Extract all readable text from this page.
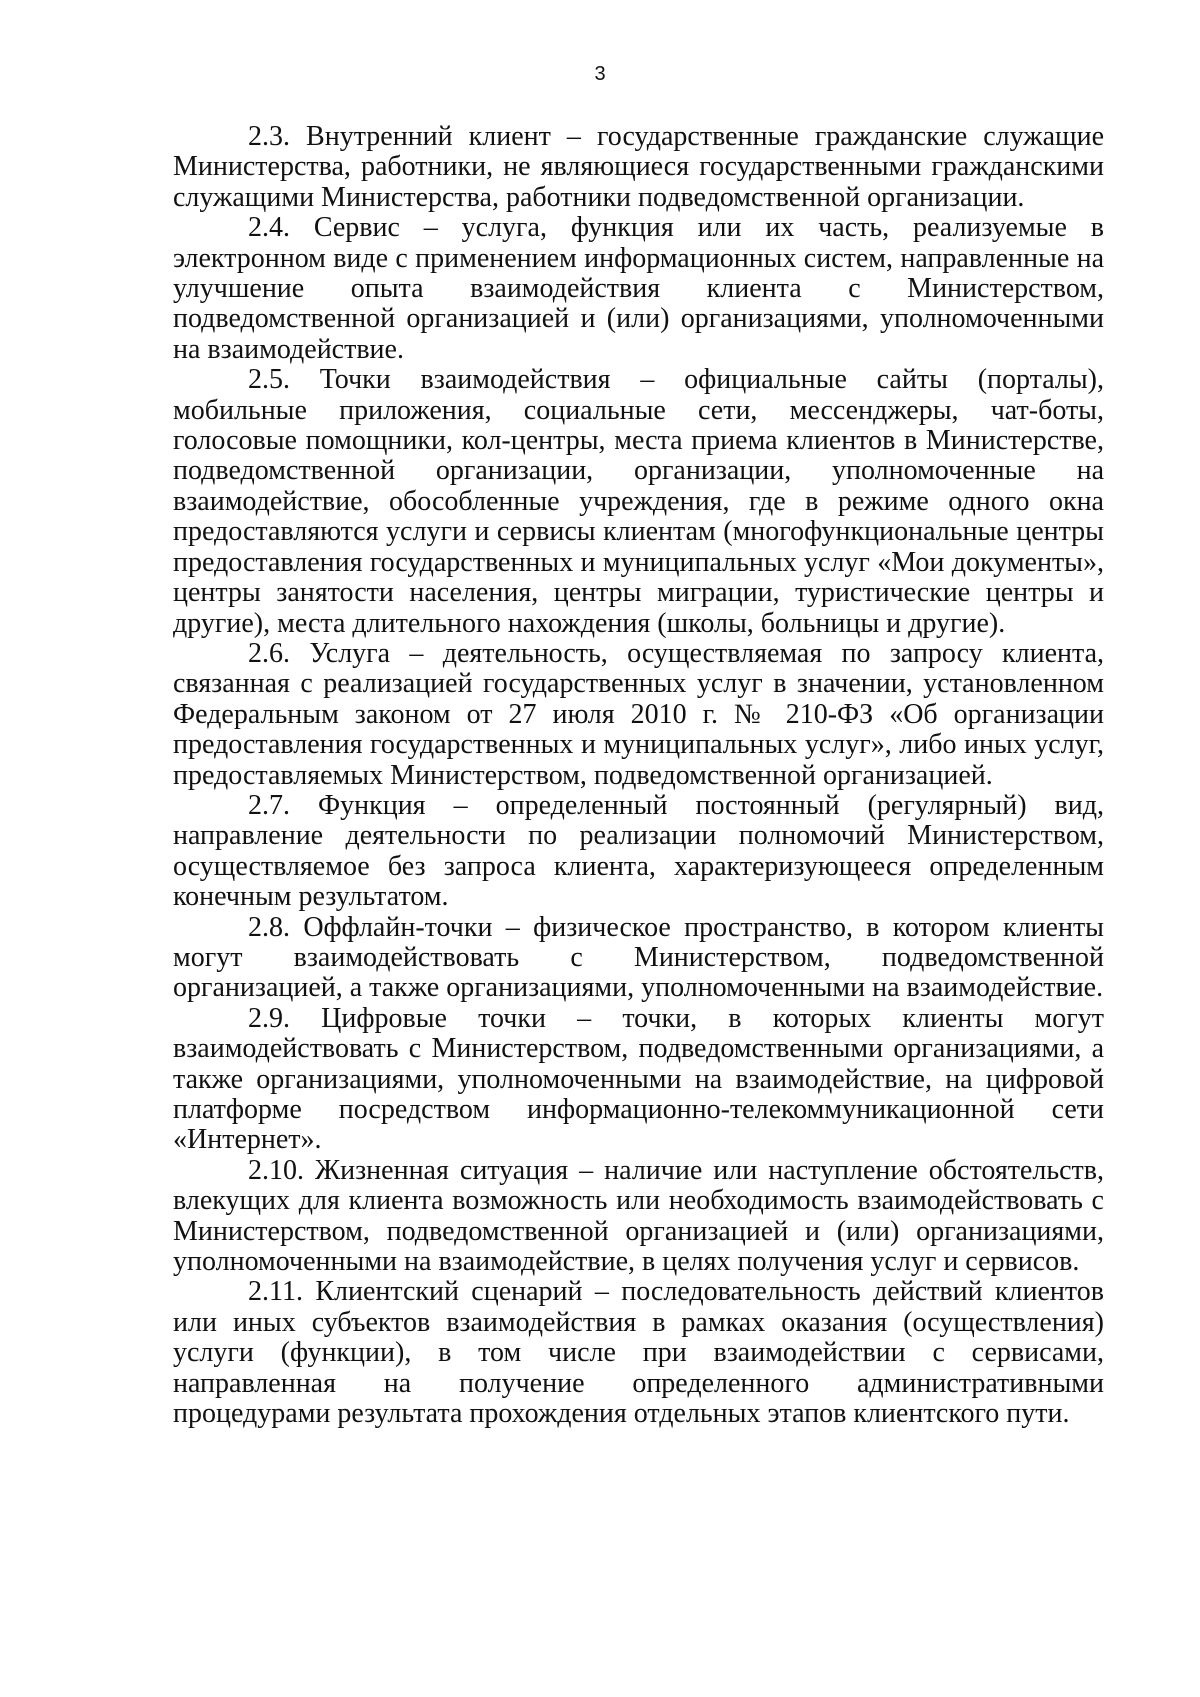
3

2.3. Внутренний клиент – государственные гражданские служащие Министерства, работники, не являющиеся государственными гражданскими служащими Министерства, работники подведомственной организации.

2.4. Сервис – услуга, функция или их часть, реализуемые в электронном виде с применением информационных систем, направленные на улучшение опыта взаимодействия клиента с Министерством, подведомственной организацией и (или) организациями, уполномоченными на взаимодействие.

2.5. Точки взаимодействия – официальные сайты (порталы), мобильные приложения, социальные сети, мессенджеры, чат-боты, голосовые помощники, кол-центры, места приема клиентов в Министерстве, подведомственной организации, организации, уполномоченные на взаимодействие, обособленные учреждения, где в режиме одного окна предоставляются услуги и сервисы клиентам (многофункциональные центры предоставления государственных и муниципальных услуг «Мои документы», центры занятости населения, центры миграции, туристические центры и другие), места длительного нахождения (школы, больницы и другие).

2.6. Услуга – деятельность, осуществляемая по запросу клиента, связанная с реализацией государственных услуг в значении, установленном Федеральным законом от 27 июля 2010 г. № 210-ФЗ «Об организации предоставления государственных и муниципальных услуг», либо иных услуг, предоставляемых Министерством, подведомственной организацией.

2.7. Функция – определенный постоянный (регулярный) вид, направление деятельности по реализации полномочий Министерством, осуществляемое без запроса клиента, характеризующееся определенным конечным результатом.

2.8. Оффлайн-точки – физическое пространство, в котором клиенты могут взаимодействовать с Министерством, подведомственной организацией, а также организациями, уполномоченными на взаимодействие.

2.9. Цифровые точки – точки, в которых клиенты могут взаимодействовать с Министерством, подведомственными организациями, а также организациями, уполномоченными на взаимодействие, на цифровой платформе посредством информационно-телекоммуникационной сети «Интернет».

2.10. Жизненная ситуация – наличие или наступление обстоятельств, влекущих для клиента возможность или необходимость взаимодействовать с Министерством, подведомственной организацией и (или) организациями, уполномоченными на взаимодействие, в целях получения услуг и сервисов.

2.11. Клиентский сценарий – последовательность действий клиентов или иных субъектов взаимодействия в рамках оказания (осуществления) услуги (функции), в том числе при взаимодействии с сервисами, направленная на получение определенного административными процедурами результата прохождения отдельных этапов клиентского пути.
